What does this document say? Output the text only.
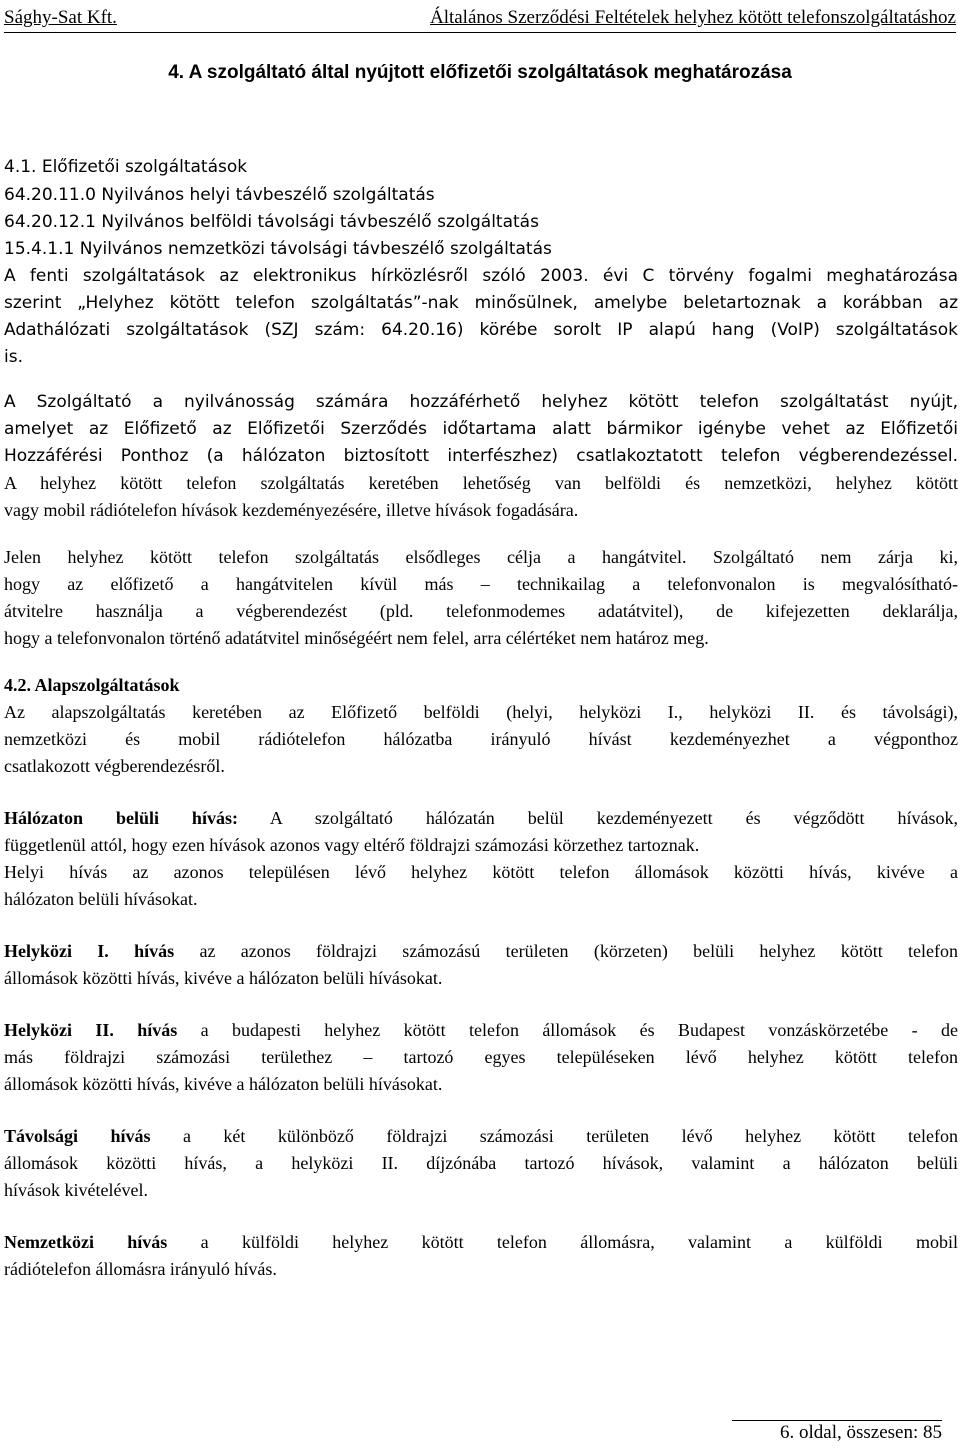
Sághy-Sat Kft.	Általános Szerződési Feltételek helyhez kötött telefonszolgáltatáshoz
4. A szolgáltató által nyújtott előfizetői szolgáltatások meghatározása
4.1. Előfizetői szolgáltatások
64.20.11.0 Nyilvános helyi távbeszélő szolgáltatás
64.20.12.1 Nyilvános belföldi távolsági távbeszélő szolgáltatás
15.4.1.1 Nyilvános nemzetközi távolsági távbeszélő szolgáltatás
A fenti szolgáltatások az elektronikus hírközlésről szóló 2003. évi C törvény fogalmi meghatározása
szerint „Helyhez kötött telefon szolgáltatás”-nak minősülnek, amelybe beletartoznak a korábban az
Adathálózati szolgáltatások (SZJ szám: 64.20.16) körébe sorolt IP alapú hang (VoIP) szolgáltatások
is.
A Szolgáltató a nyilvánosság számára hozzáférhető helyhez kötött telefon szolgáltatást nyújt,
amelyet az Előfizető az Előfizetői Szerződés időtartama alatt bármikor igénybe vehet az Előfizetői
Hozzáférési Ponthoz (a hálózaton biztosított interfészhez) csatlakoztatott telefon végberendezéssel.
A helyhez kötött telefon szolgáltatás keretében lehetőség van belföldi és nemzetközi, helyhez kötött
vagy mobil rádiótelefon hívások kezdeményezésére, illetve hívások fogadására.
Jelen helyhez kötött telefon szolgáltatás elsődleges célja a hangátvitel. Szolgáltató nem zárja ki,
hogy az előfizető a hangátvitelen kívül más – technikailag a telefonvonalon is megvalósítható-
átvitelre használja a végberendezést (pld. telefonmodemes adatátvitel), de kifejezetten deklarálja,
hogy a telefonvonalon történő adatátvitel minőségéért nem felel, arra célértéket nem határoz meg.
4.2. Alapszolgáltatások
Az alapszolgáltatás keretében az Előfizető belföldi (helyi, helyközi I., helyközi II. és távolsági),
nemzetközi és mobil rádiótelefon hálózatba irányuló hívást kezdeményezhet a végponthoz
csatlakozott végberendezésről.
Hálózaton belüli hívás: A szolgáltató hálózatán belül kezdeményezett és végződött hívások,
függetlenül attól, hogy ezen hívások azonos vagy eltérő földrajzi számozási körzethez tartoznak.
Helyi hívás az azonos településen lévő helyhez kötött telefon állomások közötti hívás, kivéve a
hálózaton belüli hívásokat.
Helyközi I. hívás az azonos földrajzi számozású területen (körzeten) belüli helyhez kötött telefon
állomások közötti hívás, kivéve a hálózaton belüli hívásokat.
Helyközi II. hívás a budapesti helyhez kötött telefon állomások és Budapest vonzáskörzetébe - de
más földrajzi számozási területhez – tartozó egyes településeken lévő helyhez kötött telefon
állomások közötti hívás, kivéve a hálózaton belüli hívásokat.
Távolsági hívás a két különböző földrajzi számozási területen lévő helyhez kötött telefon
állomások közötti hívás, a helyközi II. díjzónába tartozó hívások, valamint a hálózaton belüli
hívások kivételével.
Nemzetközi hívás a külföldi helyhez kötött telefon állomásra, valamint a külföldi mobil
rádiótelefon állomásra irányuló hívás.
6. oldal, összesen: 85
